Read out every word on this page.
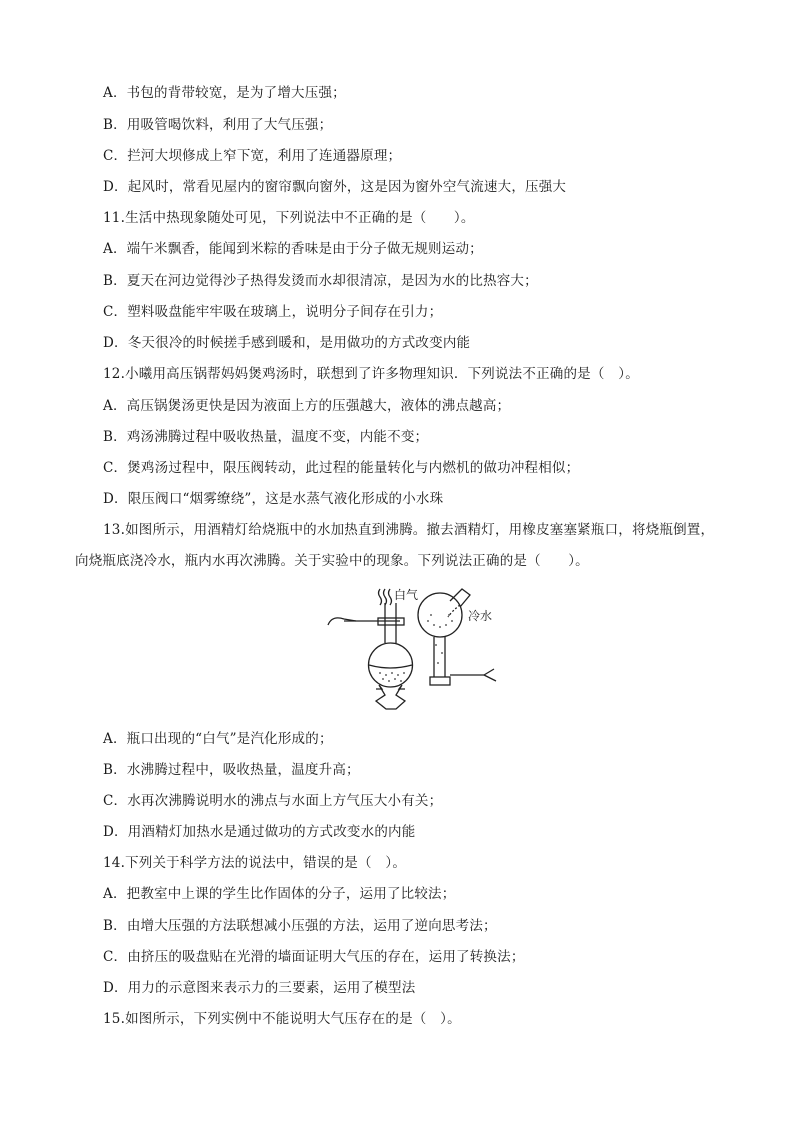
A．书包的背带较宽，是为了增大压强；
B．用吸管喝饮料，利用了大气压强；
C．拦河大坝修成上窄下宽，利用了连通器原理；
D．起风时，常看见屋内的窗帘飘向窗外，这是因为窗外空气流速大，压强大
11.生活中热现象随处可见，下列说法中不正确的是（　　）。
A．端午米飘香，能闻到米粽的香味是由于分子做无规则运动；
B．夏天在河边觉得沙子热得发烫而水却很清凉，是因为水的比热容大；
C．塑料吸盘能牢牢吸在玻璃上，说明分子间存在引力；
D．冬天很冷的时候搓手感到暖和，是用做功的方式改变内能
12.小曦用高压锅帮妈妈煲鸡汤时，联想到了许多物理知识．下列说法不正确的是（　）。
A．高压锅煲汤更快是因为液面上方的压强越大，液体的沸点越高；
B．鸡汤沸腾过程中吸收热量，温度不变，内能不变；
C．煲鸡汤过程中，限压阀转动，此过程的能量转化与内燃机的做功冲程相似；
D．限压阀口“烟雾缭绕”，这是水蒸气液化形成的小水珠
13.如图所示，用酒精灯给烧瓶中的水加热直到沸腾。撤去酒精灯，用橡皮塞塞紧瓶口，将烧瓶倒置，
向烧瓶底浇冷水，瓶内水再次沸腾。关于实验中的现象。下列说法正确的是（　　）。
白气
冷水
A．瓶口出现的“白气”是汽化形成的；
B．水沸腾过程中，吸收热量，温度升高；
C．水再次沸腾说明水的沸点与水面上方气压大小有关；
D．用酒精灯加热水是通过做功的方式改变水的内能
14.下列关于科学方法的说法中，错误的是（　）。
A．把教室中上课的学生比作固体的分子，运用了比较法；
B．由增大压强的方法联想减小压强的方法，运用了逆向思考法；
C．由挤压的吸盘贴在光滑的墙面证明大气压的存在，运用了转换法；
D．用力的示意图来表示力的三要素，运用了模型法
15.如图所示，下列实例中不能说明大气压存在的是（　）。
